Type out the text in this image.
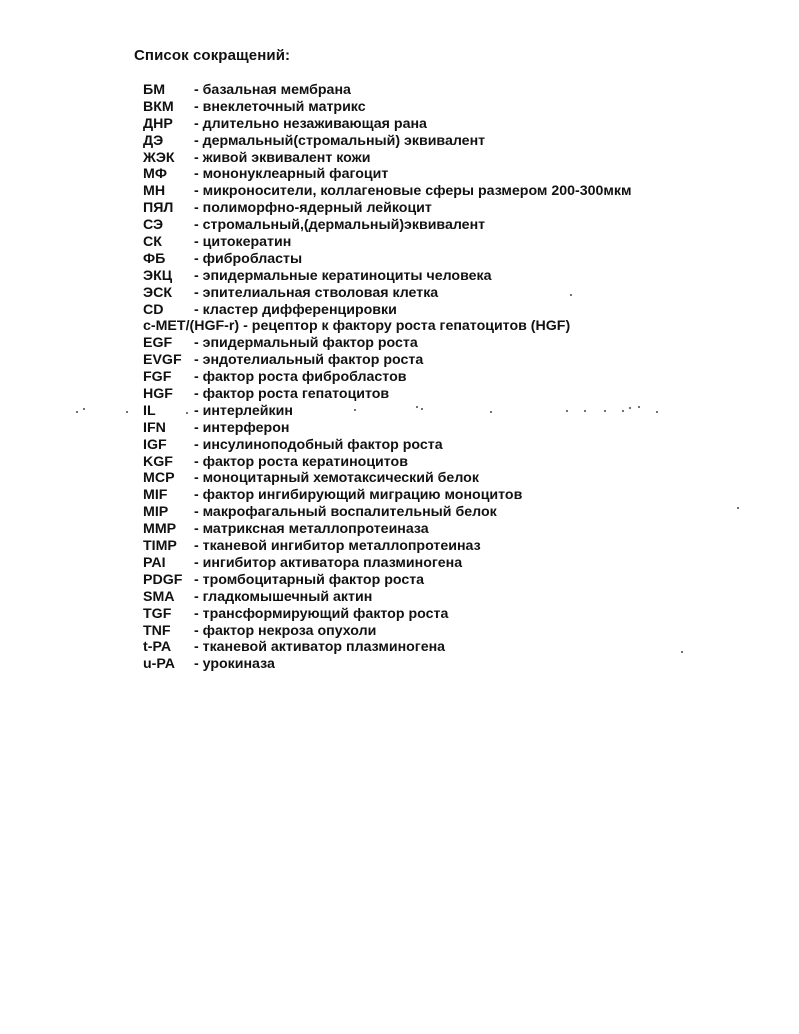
Список сокращений:
БМ - базальная мембрана
ВКМ - внеклеточный матрикс
ДНР - длительно незаживающая рана
ДЭ - дермальный(стромальный) эквивалент
ЖЭК - живой эквивалент кожи
МФ - мононуклеарный фагоцит
МН - микроносители, коллагеновые сферы размером 200-300мкм
ПЯЛ - полиморфно-ядерный лейкоцит
СЭ - стромальный,(дермальный)эквивалент
СК - цитокератин
ФБ - фибробласты
ЭКЦ - эпидермальные кератиноциты человека
ЭСК - эпителиальная стволовая клетка
CD - кластер дифференцировки
c-MET/(HGF-r) - рецептор к фактору роста гепатоцитов (HGF)
EGF - эпидермальный фактор роста
EVGF - эндотелиальный фактор роста
FGF - фактор роста фибробластов
HGF - фактор роста гепатоцитов
IL	- интерлейкин
IFN - интерферон
IGF - инсулиноподобный фактор роста
KGF - фактор роста кератиноцитов
MCP - моноцитарный хемотаксический белок
MIF - фактор ингибирующий миграцию моноцитов
MIP - макрофагальный воспалительный белок
MMP - матриксная металлопротеиназа
TIMP - тканевой ингибитор металлопротеиназ
PAI - ингибитор активатора плазминогена
PDGF - тромбоцитарный фактор роста
SMA - гладкомышечный актин
TGF - трансформирующий фактор роста
TNF - фактор некроза опухоли
t-PA - тканевой активатор плазминогена
u-PA - урокиназа
